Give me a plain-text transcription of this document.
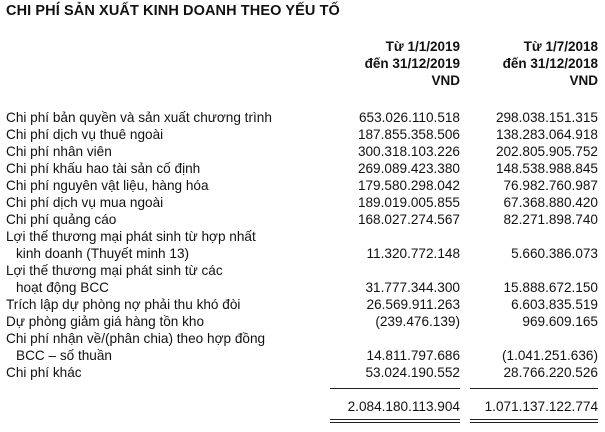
CHI PHÍ SẢN XUẤT KINH DOANH THEO YẾU TỐ
Từ 1/1/2019
đến 31/12/2019
VND
Từ 1/7/2018
đến 31/12/2018
VND
Chi phí bản quyền và sản xuất chương trình	653.026.110.518	298.038.151.315
Chi phí dịch vụ thuê ngoài	187.855.358.506	138.283.064.918
Chi phí nhân viên	300.318.103.226	202.805.905.752
Chi phí khấu hao tài sản cố định	269.089.423.380	148.538.988.845
Chi phí nguyên vật liệu, hàng hóa	179.580.298.042	76.982.760.987
Chi phí dịch vụ mua ngoài	189.019.005.855	67.368.880.420
Chi phí quảng cáo	168.027.274.567	82.271.898.740
Lợi thế thương mại phát sinh từ hợp nhất
kinh doanh (Thuyết minh 13)	11.320.772.148	5.660.386.073
Lợi thế thương mại phát sinh từ các
hoạt động BCC	31.777.344.300	15.888.672.150
Trích lập dự phòng nợ phải thu khó đòi	26.569.911.263	6.603.835.519
Dự phòng giảm giá hàng tồn kho	(239.476.139)	969.609.165
Chi phí nhận về/(phân chia) theo hợp đồng
BCC – số thuần	14.811.797.686	(1.041.251.636)
Chi phí khác	53.024.190.552	28.766.220.526
2.084.180.113.904	1.071.137.122.774
